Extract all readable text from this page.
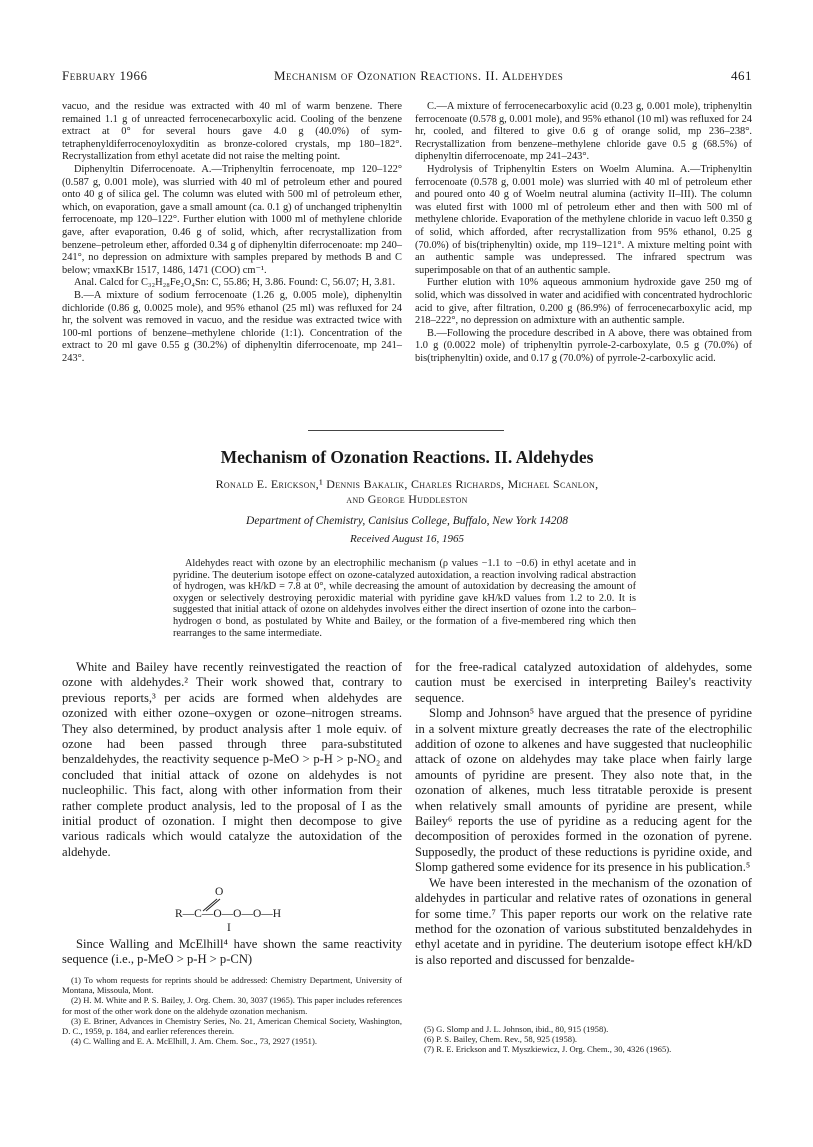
February 1966	Mechanism of Ozonation Reactions. II. Aldehydes	461

vacuo, and the residue was extracted with 40 ml of warm benzene. There remained 1.1 g of unreacted ferrocenecarboxylic acid. Cooling of the benzene extract at 0° for several hours gave 4.0 g (40.0%) of sym-tetraphenyldiferrocenoyloxyditin as bronze-colored crystals, mp 180–182°. Recrystallization from ethyl acetate did not raise the melting point.

Diphenyltin Diferrocenoate. A.—Triphenyltin ferrocenoate, mp 120–122° (0.587 g, 0.001 mole), was slurried with 40 ml of petroleum ether and poured onto 40 g of silica gel. The column was eluted with 500 ml of petroleum ether, which, on evaporation, gave a small amount (ca. 0.1 g) of unchanged triphenyltin ferrocenoate, mp 120–122°. Further elution with 1000 ml of methylene chloride gave, after evaporation, 0.46 g of solid, which, after recrystallization from benzene–petroleum ether, afforded 0.34 g of diphenyltin diferrocenoate: mp 240–241°, no depression on admixture with samples prepared by methods B and C below; νmaxKBr 1517, 1486, 1471 (COO) cm⁻¹.

Anal. Calcd for C₃₂H₂₈Fe₂O₄Sn: C, 55.86; H, 3.86. Found: C, 56.07; H, 3.81.

B.—A mixture of sodium ferrocenoate (1.26 g, 0.005 mole), diphenyltin dichloride (0.86 g, 0.0025 mole), and 95% ethanol (25 ml) was refluxed for 24 hr, the solvent was removed in vacuo, and the residue was extracted twice with 100-ml portions of benzene–methylene chloride (1:1). Concentration of the extract to 20 ml gave 0.55 g (30.2%) of diphenyltin diferrocenoate, mp 241–243°.

C.—A mixture of ferrocenecarboxylic acid (0.23 g, 0.001 mole), triphenyltin ferrocenoate (0.578 g, 0.001 mole), and 95% ethanol (10 ml) was refluxed for 24 hr, cooled, and filtered to give 0.6 g of orange solid, mp 236–238°. Recrystallization from benzene–methylene chloride gave 0.5 g (68.5%) of diphenyltin diferrocenoate, mp 241–243°.

Hydrolysis of Triphenyltin Esters on Woelm Alumina. A.—Triphenyltin ferrocenoate (0.578 g, 0.001 mole) was slurried with 40 ml of petroleum ether and poured onto 40 g of Woelm neutral alumina (activity II–III). The column was eluted first with 1000 ml of petroleum ether and then with 500 ml of methylene chloride. Evaporation of the methylene chloride in vacuo left 0.350 g of solid, which afforded, after recrystallization from 95% ethanol, 0.25 g (70.0%) of bis(triphenyltin) oxide, mp 119–121°. A mixture melting point with an authentic sample was undepressed. The infrared spectrum was superimposable on that of an authentic sample.

Further elution with 10% aqueous ammonium hydroxide gave 250 mg of solid, which was dissolved in water and acidified with concentrated hydrochloric acid to give, after filtration, 0.200 g (86.9%) of ferrocenecarboxylic acid, mp 218–222°, no depression on admixture with an authentic sample.

B.—Following the procedure described in A above, there was obtained from 1.0 g (0.0022 mole) of triphenyltin pyrrole-2-carboxylate, 0.5 g (70.0%) of bis(triphenyltin) oxide, and 0.17 g (70.0%) of pyrrole-2-carboxylic acid.

Mechanism of Ozonation Reactions. II. Aldehydes
Ronald E. Erickson,¹ Dennis Bakalik, Charles Richards, Michael Scanlon,
and George Huddleston
Department of Chemistry, Canisius College, Buffalo, New York 14208
Received August 16, 1965
Aldehydes react with ozone by an electrophilic mechanism (ρ values −1.1 to −0.6) in ethyl acetate and in pyridine. The deuterium isotope effect on ozone-catalyzed autoxidation, a reaction involving radical abstraction of hydrogen, was kH/kD = 7.8 at 0°, while decreasing the amount of autoxidation by decreasing the amount of oxygen or selectively destroying peroxidic material with pyridine gave kH/kD values from 1.2 to 2.0. It is suggested that initial attack of ozone on aldehydes involves either the direct insertion of ozone into the carbon–hydrogen σ bond, as postulated by White and Bailey, or the formation of a five-membered ring which then rearranges to the same intermediate.

White and Bailey have recently reinvestigated the reaction of ozone with aldehydes.² Their work showed that, contrary to previous reports,³ per acids are formed when aldehydes are ozonized with either ozone–oxygen or ozone–nitrogen streams. They also determined, by product analysis after 1 mole equiv. of ozone had been passed through three para-substituted benzaldehydes, the reactivity sequence p-MeO > p-H > p-NO₂ and concluded that initial attack of ozone on aldehydes is not nucleophilic. This fact, along with other information from their rather complete product analysis, led to the proposal of I as the initial product of ozonation. I might then decompose to give various radicals which would catalyze the autoxidation of the aldehyde.

O
R—C—O—O—O—H
I

Since Walling and McElhill⁴ have shown the same reactivity sequence (i.e., p-MeO > p-H > p-CN)

(1) To whom requests for reprints should be addressed: Chemistry Department, University of Montana, Missoula, Mont.

(2) H. M. White and P. S. Bailey, J. Org. Chem. 30, 3037 (1965). This paper includes references for most of the other work done on the aldehyde ozonation mechanism.

(3) E. Briner, Advances in Chemistry Series, No. 21, American Chemical Society, Washington, D. C., 1959, p. 184, and earlier references therein.

(4) C. Walling and E. A. McElhill, J. Am. Chem. Soc., 73, 2927 (1951).

for the free-radical catalyzed autoxidation of aldehydes, some caution must be exercised in interpreting Bailey's reactivity sequence.

Slomp and Johnson⁵ have argued that the presence of pyridine in a solvent mixture greatly decreases the rate of the electrophilic addition of ozone to alkenes and have suggested that nucleophilic attack of ozone on aldehydes may take place when fairly large amounts of pyridine are present. They also note that, in the ozonation of alkenes, much less titratable peroxide is present when relatively small amounts of pyridine are present, while Bailey⁶ reports the use of pyridine as a reducing agent for the decomposition of peroxides formed in the ozonation of pyrene. Supposedly, the product of these reductions is pyridine oxide, and Slomp gathered some evidence for its presence in his publication.⁵

We have been interested in the mechanism of the ozonation of aldehydes in particular and relative rates of ozonations in general for some time.⁷ This paper reports our work on the relative rate method for the ozonation of various substituted benzaldehydes in ethyl acetate and in pyridine. The deuterium isotope effect kH/kD is also reported and discussed for benzalde-

(5) G. Slomp and J. L. Johnson, ibid., 80, 915 (1958).

(6) P. S. Bailey, Chem. Rev., 58, 925 (1958).

(7) R. E. Erickson and T. Myszkiewicz, J. Org. Chem., 30, 4326 (1965).
